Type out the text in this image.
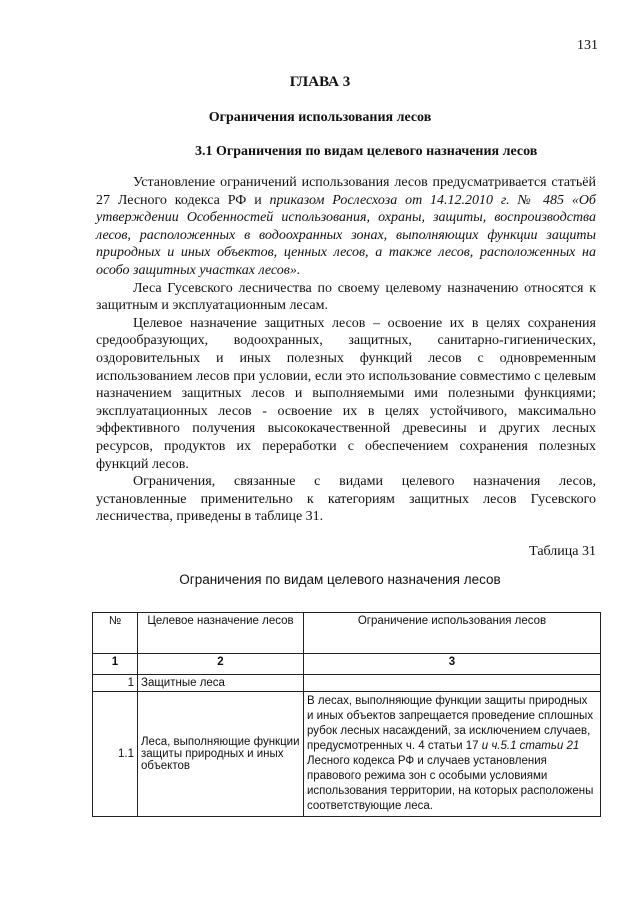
131
ГЛАВА 3
Ограничения использования лесов
3.1 Ограничения по видам целевого назначения лесов

Установление ограничений использования лесов предусматривается статьёй 27 Лесного кодекса РФ и приказом Рослесхоза от 14.12.2010 г. № 485 «Об утверждении Особенностей использования, охраны, защиты, воспроизводства лесов, расположенных в водоохранных зонах, выполняющих функции защиты природных и иных объектов, ценных лесов, а также лесов, расположенных на особо защитных участках лесов».

Леса Гусевского лесничества по своему целевому назначению относятся к защитным и эксплуатационным лесам.

Целевое назначение защитных лесов – освоение их в целях сохранения средообразующих, водоохранных, защитных, санитарно-гигиенических, оздоровительных и иных полезных функций лесов с одновременным использованием лесов при условии, если это использование совместимо с целевым назначением защитных лесов и выполняемыми ими полезными функциями; эксплуатационных лесов - освоение их в целях устойчивого, максимально эффективного получения высококачественной древесины и других лесных ресурсов, продуктов их переработки с обеспечением сохранения полезных функций лесов.

Ограничения, связанные с видами целевого назначения лесов, установленные применительно к категориям защитных лесов Гусевского лесничества, приведены в таблице 31.

Таблица 31
Ограничения по видам целевого назначения лесов
№	Целевое назначение лесов	Ограничение использования лесов
1	2	3
1	Защитные леса	
1.1	Леса, выполняющие функции защиты природных и иных объектов	В лесах, выполняющие функции защиты природных и иных объектов запрещается проведение сплошных рубок лесных насаждений, за исключением случаев, предусмотренных ч. 4 статьи 17 и ч.5.1 статьи 21 Лесного кодекса РФ и случаев установления правового режима зон с особыми условиями использования территории, на которых расположены соответствующие леса.
